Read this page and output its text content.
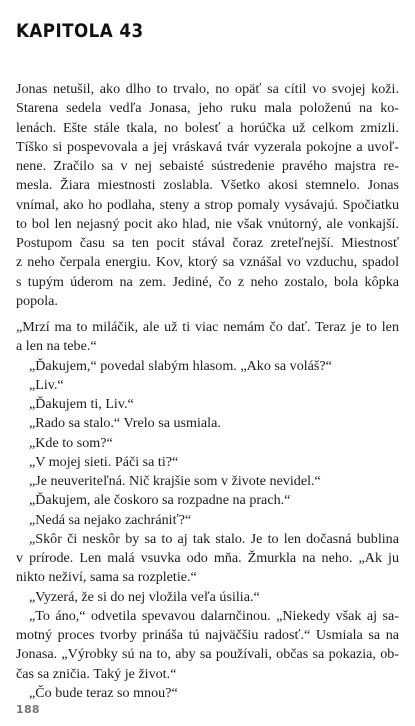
KAPITOLA 43
Jonas netušil, ako dlho to trvalo, no opäť sa cítil vo svojej koži.
Starena sedela vedľa Jonasa, jeho ruku mala položenú na ko-
lenách. Ešte stále tkala, no bolesť a horúčka už celkom zmizli.
Tíško si pospevovala a jej vráskavá tvár vyzerala pokojne a uvoľ-
nene. Zračilo sa v nej sebaisté sústredenie pravého majstra re-
mesla. Žiara miestnosti zoslabla. Všetko akosi stemnelo. Jonas
vnímal, ako ho podlaha, steny a strop pomaly vysávajú. Spočiatku
to bol len nejasný pocit ako hlad, nie však vnútorný, ale vonkajší.
Postupom času sa ten pocit stával čoraz zreteľnejší. Miestnosť
z neho čerpala energiu. Kov, ktorý sa vznášal vo vzduchu, spadol
s tupým úderom na zem. Jediné, čo z neho zostalo, bola kôpka
popola.
„Mrzí ma to miláčik, ale už ti viac nemám čo dať. Teraz je to len
a len na tebe.“
„Ďakujem,“ povedal slabým hlasom. „Ako sa voláš?“
„Liv.“
„Ďakujem ti, Liv.“
„Rado sa stalo.“ Vrelo sa usmiala.
„Kde to som?“
„V mojej sieti. Páči sa ti?“
„Je neuveriteľná. Nič krajšie som v živote nevidel.“
„Ďakujem, ale čoskoro sa rozpadne na prach.“
„Nedá sa nejako zachrániť?“
„Skôr či neskôr by sa to aj tak stalo. Je to len dočasná bublina
v prírode. Len malá vsuvka odo mňa. Žmurkla na neho. „Ak ju
nikto neživí, sama sa rozpletie.“
„Vyzerá, že si do nej vložila veľa úsilia.“
„To áno,“ odvetila spevavou dalarnčinou. „Niekedy však aj sa-
motný proces tvorby prináša tú najväčšiu radosť.“ Usmiala sa na
Jonasa. „Výrobky sú na to, aby sa používali, občas sa pokazia, ob-
čas sa zničia. Taký je život.“
„Čo bude teraz so mnou?“
188
